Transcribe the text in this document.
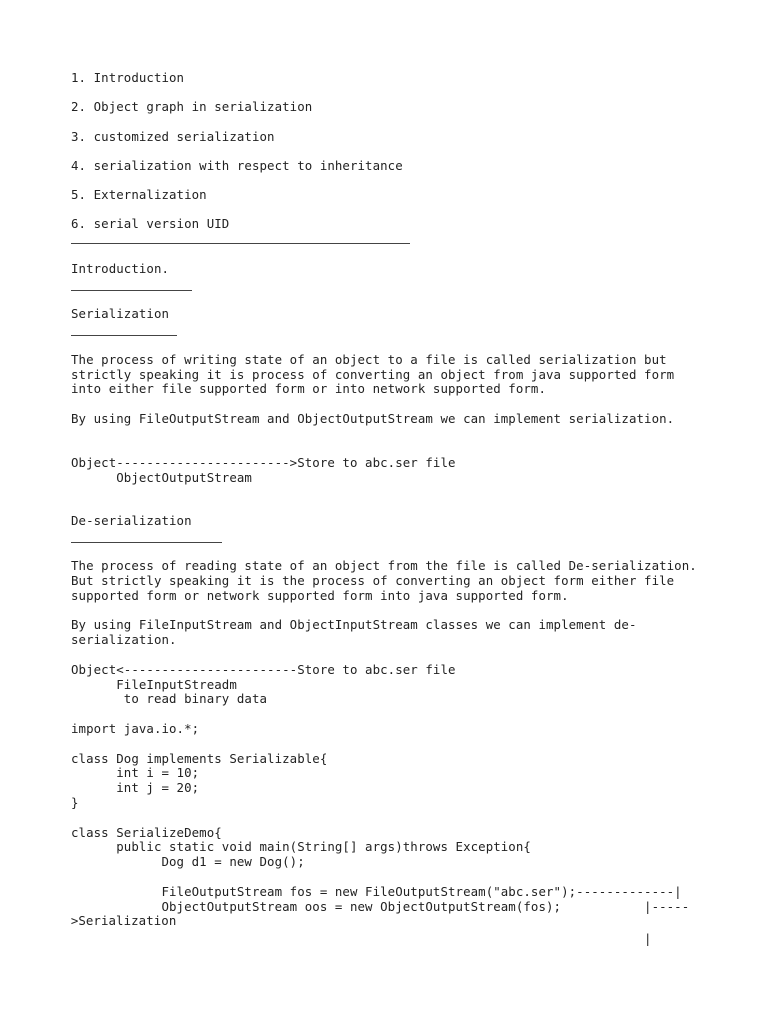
1. Introduction
2. Object graph in serialization
3. customized serialization
4. serialization with respect to inheritance
5. Externalization
6. serial version UID
Introduction.
Serialization
The process of writing state of an object to a file is called serialization but
strictly speaking it is process of converting an object from java supported form
into either file supported form or into network supported form.
By using FileOutputStream and ObjectOutputStream we can implement serialization.
Object----------------------->Store to abc.ser file
ObjectOutputStream
De-serialization
The process of reading state of an object from the file is called De-serialization.
But strictly speaking it is the process of converting an object form either file
supported form or network supported form into java supported form.
By using FileInputStream and ObjectInputStream classes we can implement de-
serialization.
Object<-----------------------Store to abc.ser file
FileInputStreadm
to read binary data
import java.io.*;
class Dog implements Serializable{
int i = 10;
int j = 20;
}
class SerializeDemo{
public static void main(String[] args)throws Exception{
Dog d1 = new Dog();
FileOutputStream fos = new FileOutputStream("abc.ser");-------------|
ObjectOutputStream oos = new ObjectOutputStream(fos);           |-----
>Serialization
|
